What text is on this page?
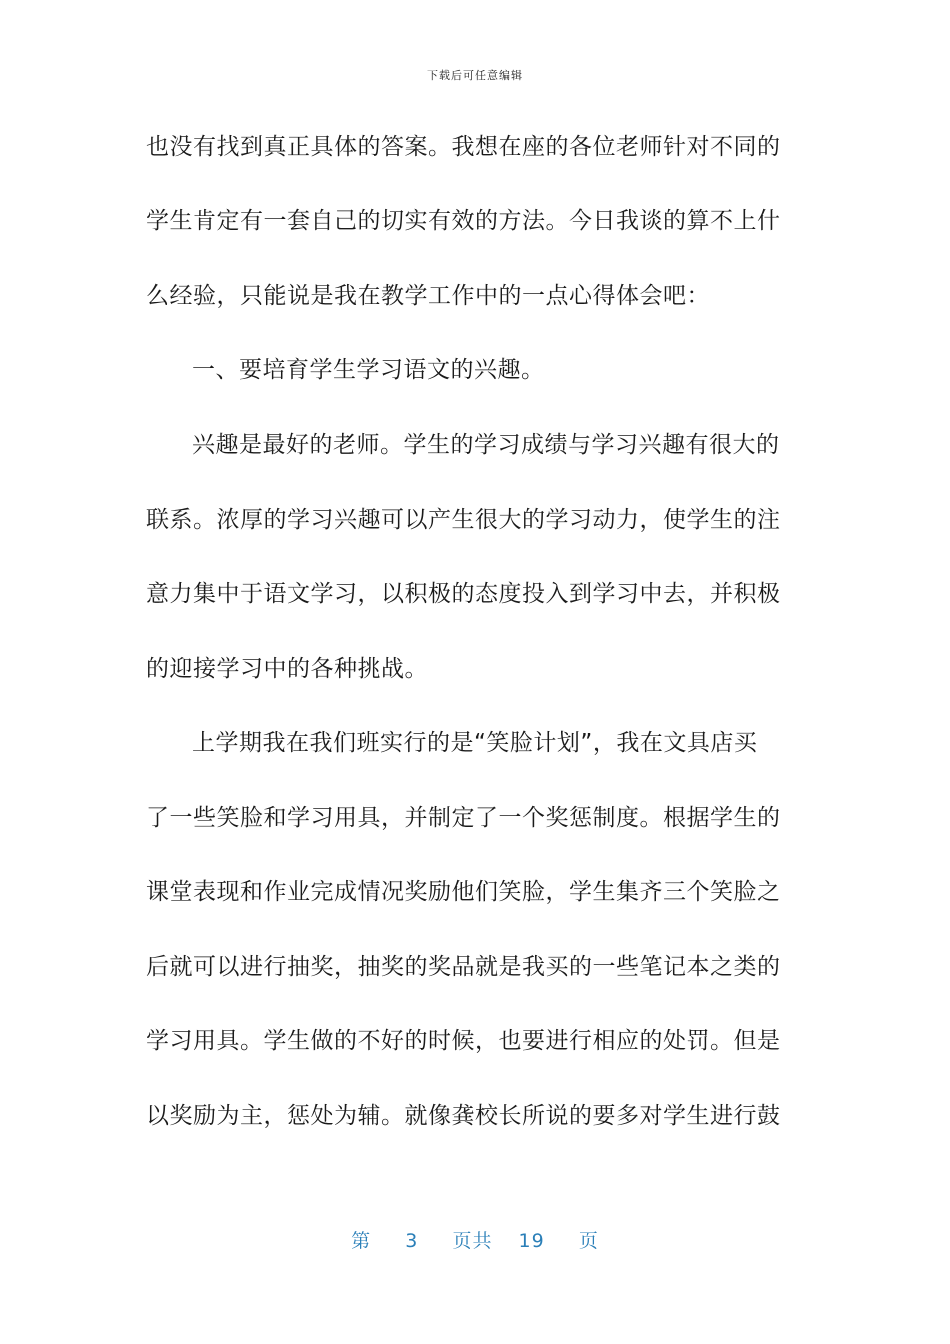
下载后可任意编辑
也没有找到真正具体的答案。我想在座的各位老师针对不同的
学生肯定有一套自己的切实有效的方法。今日我谈的算不上什
么经验，只能说是我在教学工作中的一点心得体会吧：
一、要培育学生学习语文的兴趣。
兴趣是最好的老师。学生的学习成绩与学习兴趣有很大的
联系。浓厚的学习兴趣可以产生很大的学习动力，使学生的注
意力集中于语文学习，以积极的态度投入到学习中去，并积极
的迎接学习中的各种挑战。
上学期我在我们班实行的是“笑脸计划”，我在文具店买
了一些笑脸和学习用具，并制定了一个奖惩制度。根据学生的
课堂表现和作业完成情况奖励他们笑脸，学生集齐三个笑脸之
后就可以进行抽奖，抽奖的奖品就是我买的一些笔记本之类的
学习用具。学生做的不好的时候，也要进行相应的处罚。但是
以奖励为主，惩处为辅。就像龚校长所说的要多对学生进行鼓
第 3 页共 19 页
